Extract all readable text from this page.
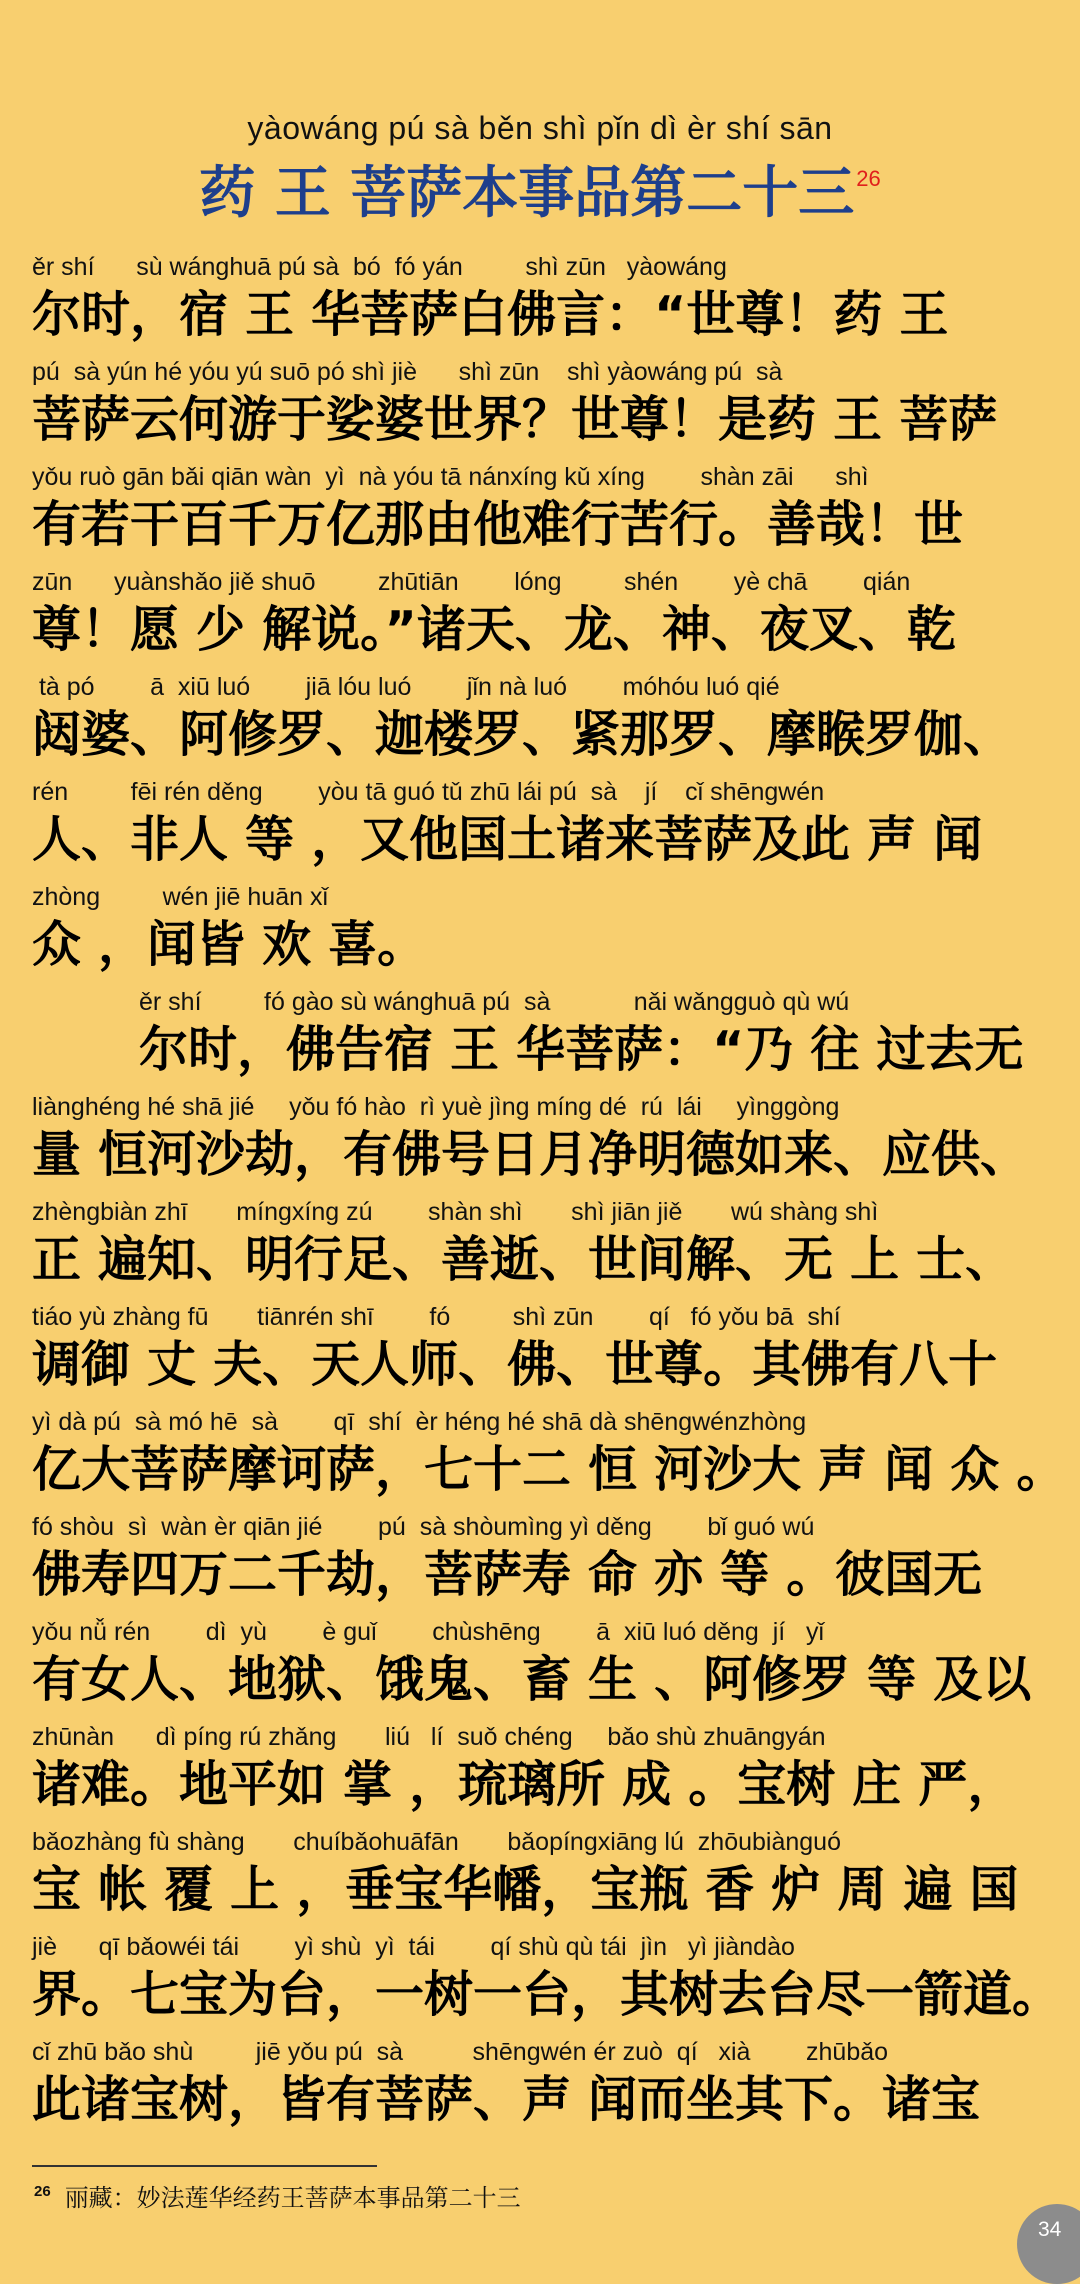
yàowáng pú sà běn shì pǐn dì èr shí sān
药 王 菩萨本事品第二十三$^{26}$
ěr shí      sù wánghuā pú sà  bó  fó yán         shì zūn   yàowáng
尔时，宿 王 华菩萨白佛言：“世尊！药 王
pú  sà yún hé yóu yú suō pó shì jiè      shì zūn    shì yàowáng pú  sà
菩萨云何游于娑婆世界？世尊！是药 王 菩萨
yǒu ruò gān bǎi qiān wàn  yì  nà yóu tā nánxíng kǔ xíng        shàn zāi      shì
有若干百千万亿那由他难行苦行。善哉！世
zūn      yuànshǎo jiě shuō         zhūtiān        lóng         shén        yè chā        qián
尊！愿 少 解说。”诸天、龙、神、夜叉、乾
tà pó        ā  xiū luó        jiā lóu luó        jǐn nà luó        móhóu luó qié
闼婆、阿修罗、迦楼罗、紧那罗、摩睺罗伽、
rén         fēi rén děng        yòu tā guó tǔ zhū lái pú  sà    jí    cǐ shēngwén
人、非人 等 ，又他国土诸来菩萨及此 声 闻
zhòng         wén jiē huān xǐ
众 ，闻皆 欢 喜。
ěr shí         fó gào sù wánghuā pú  sà            nǎi wǎngguò qù wú
尔时，佛告宿 王 华菩萨：“乃 往 过去无
liànghéng hé shā jié     yǒu fó hào  rì yuè jìng míng dé  rú  lái     yìnggòng
量 恒河沙劫，有佛号日月净明德如来、应供、
zhèngbiàn zhī       míngxíng zú        shàn shì       shì jiān jiě       wú shàng shì
正 遍知、明行足、善逝、世间解、无 上 士、
tiáo yù zhàng fū       tiānrén shī        fó         shì zūn        qí   fó yǒu bā  shí
调御 丈 夫、天人师、佛、世尊。其佛有八十
yì dà pú  sà mó hē  sà        qī  shí  èr héng hé shā dà shēngwénzhòng
亿大菩萨摩诃萨，七十二 恒 河沙大 声 闻 众 。
fó shòu  sì  wàn èr qiān jié        pú  sà shòumìng yì děng        bǐ guó wú
佛寿四万二千劫，菩萨寿 命 亦 等 。彼国无
yǒu nǚ rén        dì  yù        è guǐ        chùshēng        ā  xiū luó děng  jí   yǐ
有女人、地狱、饿鬼、畜 生 、阿修罗 等 及以
zhūnàn      dì píng rú zhǎng       liú   lí  suǒ chéng     bǎo shù zhuāngyán
诸难。地平如 掌 ，琉璃所 成 。宝树 庄 严，
bǎozhàng fù shàng       chuíbǎohuāfān       bǎopíngxiāng lú  zhōubiànguó
宝 帐 覆 上 ，垂宝华幡，宝瓶 香 炉 周 遍 国
jiè      qī bǎowéi tái        yì shù  yì  tái        qí shù qù tái  jìn   yì jiàndào
界。七宝为台，一树一台，其树去台尽一箭道。
cǐ zhū bǎo shù         jiē yǒu pú  sà          shēngwén ér zuò  qí   xià        zhūbǎo
此诸宝树，皆有菩萨、声 闻而坐其下。诸宝
$^{26}$ 丽藏：妙法莲华经药王菩萨本事品第二十三
34
